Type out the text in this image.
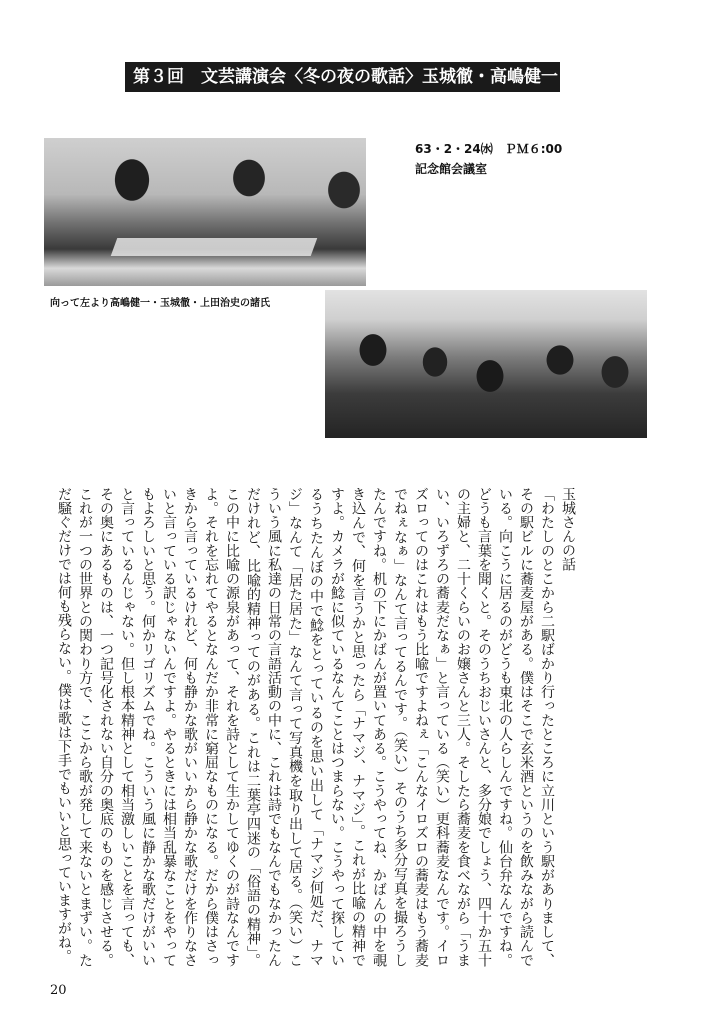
第３回　文芸講演会〈冬の夜の歌話〉玉城徹・高嶋健一
63・2・24㈬　ＰＭ６:00
記念館会議室
向って左より高嶋健一・玉城徹・上田治史の諸氏

玉城さんの話

「わたしのとこから二駅ばかり行ったところに立川という駅がありまして、その駅ビルに蕎麦屋がある。僕はそこで玄米酒というのを飲みながら読んでいる。向こうに居るのがどうも東北の人らしんですね。仙台弁なんですね。どうも言葉を聞くと。そのうちおじいさんと、多分娘でしょう、四十か五十の主婦と、二十くらいのお嬢さんと三人。そしたら蕎麦を食べながら「うまい、いろずろの蕎麦だなぁ」と言っている（笑い）更科蕎麦なんです。イロズロってのはこれはもう比喩ですよねぇ「こんなイロズロの蕎麦はもう蕎麦でねぇなぁ」なんて言ってるんです。（笑い）そのうち多分写真を撮ろうしたんですね。机の下にかばんが置いてある。こうやってね、かばんの中を覗き込んで、何を言うかと思ったら「ナマジ、ナマジ」。これが比喩の精神ですよ。カメラが鯰に似ているなんてことはつまらない。こうやって探しているうちたんぼの中で鯰をとっているのを思い出して「ナマジ何処だ、ナマジ」なんて「居た居た」なんて言って写真機を取り出して居る。（笑い）こういう風に私達の日常の言語活動の中に、これは詩でもなんでもなかったんだけれど、比喩的精神ってのがある。これは二葉亭四迷の「俗語の精神」。この中に比喩の源泉があって、それを詩として生かしてゆくのが詩なんですよ。それを忘れてやるとなんだか非常に窮屈なものになる。だから僕はさっきから言っているけれど、何も静かな歌がいいから静かな歌だけを作りなさいと言っている訳じゃないんですよ。やるときには相当乱暴なことをやってもよろしいと思う。何かリゴリズムでね。こういう風に静かな歌だけがいいと言っているんじゃない。但し根本精神として相当激しいことを言っても、その奥にあるものは、一つ記号化されない自分の奥底のものを感じさせる。これが一つの世界との関わり方で、ここから歌が発して来ないとまずい。ただ騒ぐだけでは何も残らない。僕は歌は下手でもいいと思っていますがね。

20
